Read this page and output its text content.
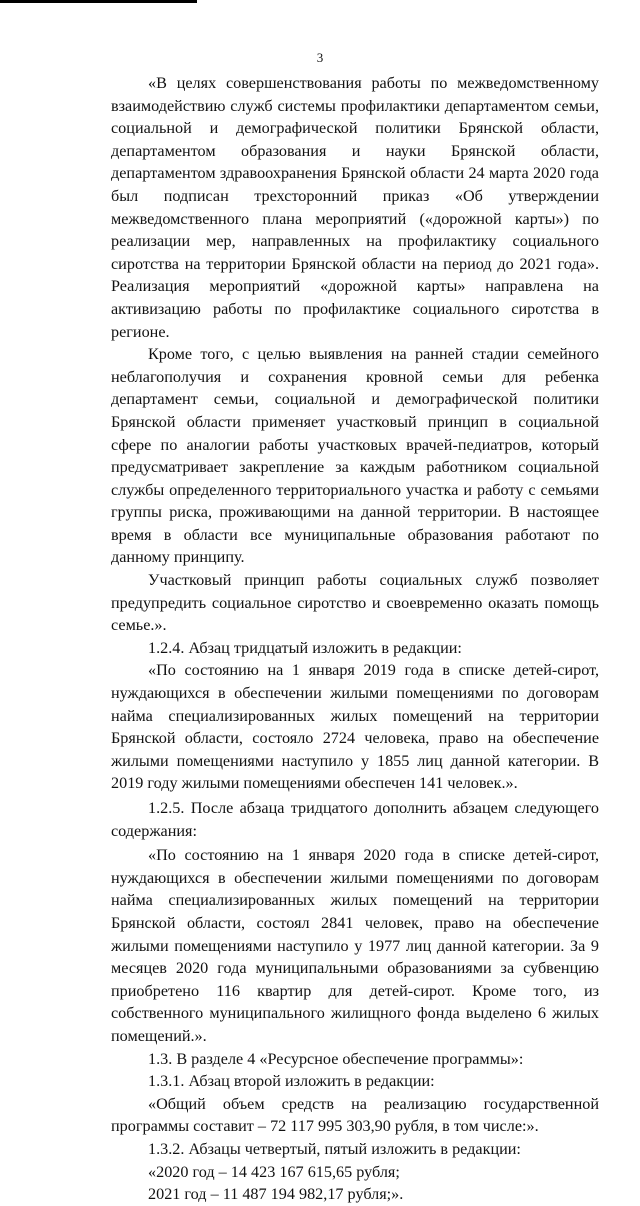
3

«В целях совершенствования работы по межведомственному взаимодействию служб системы профилактики департаментом семьи, социальной и демографической политики Брянской области, департаментом образования и науки Брянской области, департаментом здравоохранения Брянской области 24 марта 2020 года был подписан трехсторонний приказ «Об утверждении межведомственного плана мероприятий («дорожной карты») по реализации мер, направленных на профилактику социального сиротства на территории Брянской области на период до 2021 года». Реализация мероприятий «дорожной карты» направлена на активизацию работы по профилактике социального сиротства в регионе.

Кроме того, с целью выявления на ранней стадии семейного неблагополучия и сохранения кровной семьи для ребенка департамент семьи, социальной и демографической политики Брянской области применяет участковый принцип в социальной сфере по аналогии работы участковых врачей-педиатров, который предусматривает закрепление за каждым работником социальной службы определенного территориального участка и работу с семьями группы риска, проживающими на данной территории. В настоящее время в области все муниципальные образования работают по данному принципу.

Участковый принцип работы социальных служб позволяет предупредить социальное сиротство и своевременно оказать помощь семье.».

1.2.4. Абзац тридцатый изложить в редакции:

«По состоянию на 1 января 2019 года в списке детей-сирот, нуждающихся в обеспечении жилыми помещениями по договорам найма специализированных жилых помещений на территории Брянской области, состояло 2724 человека, право на обеспечение жилыми помещениями наступило у 1855 лиц данной категории. В 2019 году жилыми помещениями обеспечен 141 человек.».

1.2.5. После абзаца тридцатого дополнить абзацем следующего содержания:

«По состоянию на 1 января 2020 года в списке детей-сирот, нуждающихся в обеспечении жилыми помещениями по договорам найма специализированных жилых помещений на территории Брянской области, состоял 2841 человек, право на обеспечение жилыми помещениями наступило у 1977 лиц данной категории. За 9 месяцев 2020 года муниципальными образованиями за субвенцию приобретено 116 квартир для детей-сирот. Кроме того, из собственного муниципального жилищного фонда выделено 6 жилых помещений.».

1.3. В разделе 4 «Ресурсное обеспечение программы»:

1.3.1. Абзац второй изложить в редакции:

«Общий объем средств на реализацию государственной программы составит – 72 117 995 303,90 рубля, в том числе:».

1.3.2. Абзацы четвертый, пятый изложить в редакции:

«2020 год – 14 423 167 615,65 рубля;

2021 год – 11 487 194 982,17 рубля;».
